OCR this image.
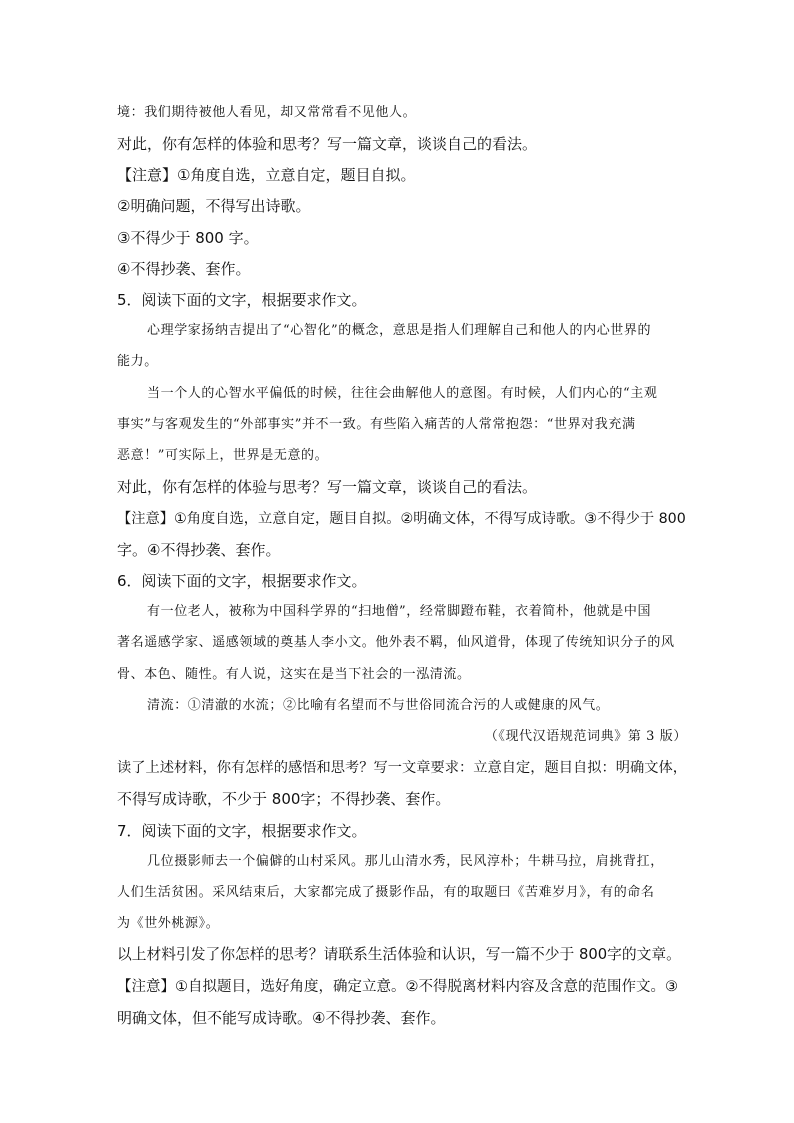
境：我们期待被他人看见，却又常常看不见他人。
对此，你有怎样的体验和思考？写一篇文章，谈谈自己的看法。
【注意】①角度自选，立意自定，题目自拟。
②明确问题，不得写出诗歌。
③不得少于 800 字。
④不得抄袭、套作。
5．阅读下面的文字，根据要求作文。
心理学家扬纳吉提出了“心智化”的概念，意思是指人们理解自己和他人的内心世界的
能力。
当一个人的心智水平偏低的时候，往往会曲解他人的意图。有时候，人们内心的“主观
事实”与客观发生的“外部事实”并不一致。有些陷入痛苦的人常常抱怨：“世界对我充满
恶意！”可实际上，世界是无意的。
对此，你有怎样的体验与思考？写一篇文章，谈谈自己的看法。
【注意】①角度自选，立意自定，题目自拟。②明确文体，不得写成诗歌。③不得少于 800
字。④不得抄袭、套作。
6．阅读下面的文字，根据要求作文。
有一位老人，被称为中国科学界的“扫地僧”，经常脚蹬布鞋，衣着简朴，他就是中国
著名遥感学家、遥感领域的奠基人李小文。他外表不羁，仙风道骨，体现了传统知识分子的风
骨、本色、随性。有人说，这实在是当下社会的一泓清流。
清流：①清澈的水流；②比喻有名望而不与世俗同流合污的人或健康的风气。
（《现代汉语规范词典》第 3 版）
读了上述材料，你有怎样的感悟和思考？写一文章要求：立意自定，题目自拟：明确文体，
不得写成诗歌，不少于 800字；不得抄袭、套作。
7．阅读下面的文字，根据要求作文。
几位摄影师去一个偏僻的山村采风。那儿山清水秀，民风淳朴；牛耕马拉，肩挑背扛，
人们生活贫困。采风结束后，大家都完成了摄影作品，有的取题曰《苦难岁月》，有的命名
为《世外桃源》。
以上材料引发了你怎样的思考？请联系生活体验和认识，写一篇不少于 800字的文章。
【注意】①自拟题目，选好角度，确定立意。②不得脱离材料内容及含意的范围作文。③
明确文体，但不能写成诗歌。④不得抄袭、套作。
